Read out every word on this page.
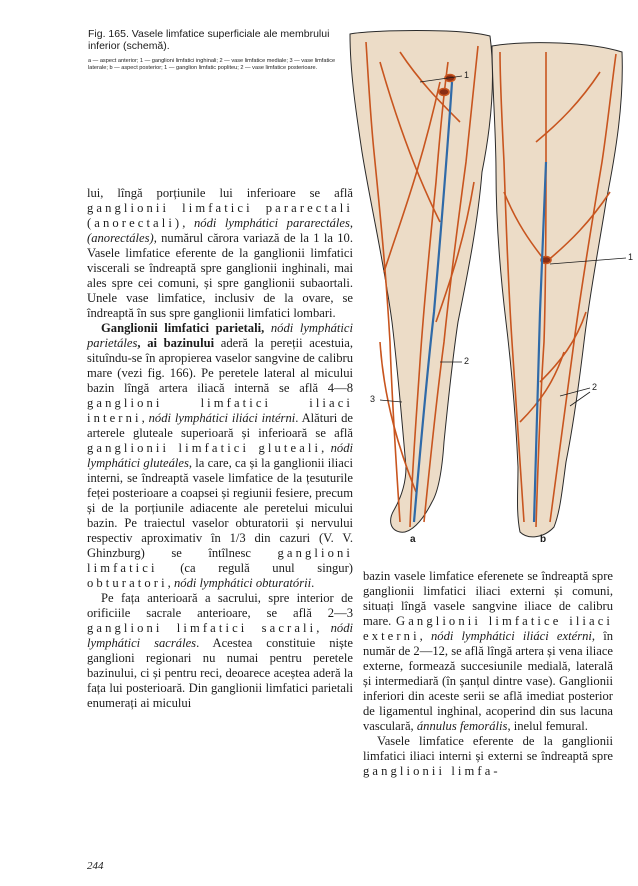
Fig. 165. Vasele limfatice superficiale ale membrului inferior (schemă).

a — aspect anterior; 1 — ganglioni limfatici inghinali; 2 — vase limfatice mediale; 3 — vase limfatice laterale; b — aspect posterior; 1 — ganglion limfatic popliteu; 2 — vase limfatice posterioare.

a	b
1
2
3
1
2

lui, lîngă porțiunile lui inferioare se află ganglionii limfatici pararectali (anorectali), nódi lymphátici pararectáles, (anorectáles), numărul cărora variază de la 1 la 10. Vasele limfatice eferente de la ganglionii limfatici viscerali se îndreaptă spre ganglionii inghinali, mai ales spre cei comuni, și spre ganglionii subaortali. Unele vase limfatice, inclusiv de la ovare, se îndreaptă în sus spre ganglionii limfatici lombari.

Ganglionii limfatici parietali, nódi lymphátici parietáles, ai bazinului aderă la pereții acestuia, situîndu-se în apropierea vaselor sangvine de calibru mare (vezi fig. 166). Pe peretele lateral al micului bazin lîngă artera iliacă internă se află 4—8 ganglioni limfatici iliaci interni, nódi lymphátici iliáci intérni. Alături de arterele gluteale superioară și inferioară se află ganglionii limfatici gluteali, nódi lymphátici gluteáles, la care, ca și la ganglionii iliaci interni, se îndreaptă vasele limfatice de la țesuturile feței posterioare a coapsei și regiunii fesiere, precum și de la porțiunile adiacente ale peretelui micului bazin. Pe traiectul vaselor obturatorii și nervului respectiv aproximativ în 1/3 din cazuri (V. V. Ghinzburg) se întîlnesc ganglioni limfatici (ca regulă unul singur) obturatori, nódi lymphátici obturatórii.

Pe fața anterioară a sacrului, spre interior de orificiile sacrale anterioare, se află 2—3 ganglioni limfatici sacrali, nódi lymphátici sacráles. Acestea constituie niște ganglioni regionari nu numai pentru peretele bazinului, ci și pentru reci, deoarece aceștea aderă la fața lui posterioară. Din ganglionii limfatici parietali enumerați ai micului

bazin vasele limfatice eferenete se îndreaptă spre ganglionii limfatici iliaci externi și comuni, situați lîngă vasele sangvine iliace de calibru mare. Ganglionii limfatice iliaci externi, nódi lymphátici iliáci extérni, în număr de 2—12, se află lîngă artera și vena iliace externe, formează succesiunile medială, laterală și intermediară (în șanțul dintre vase). Ganglionii inferiori din aceste serii se află imediat posterior de ligamentul inghinal, acoperind din sus lacuna vasculară, ánnulus femorális, inelul femural.

Vasele limfatice eferente de la ganglionii limfatici iliaci interni și externi se îndreaptă spre ganglionii limfa-

244
